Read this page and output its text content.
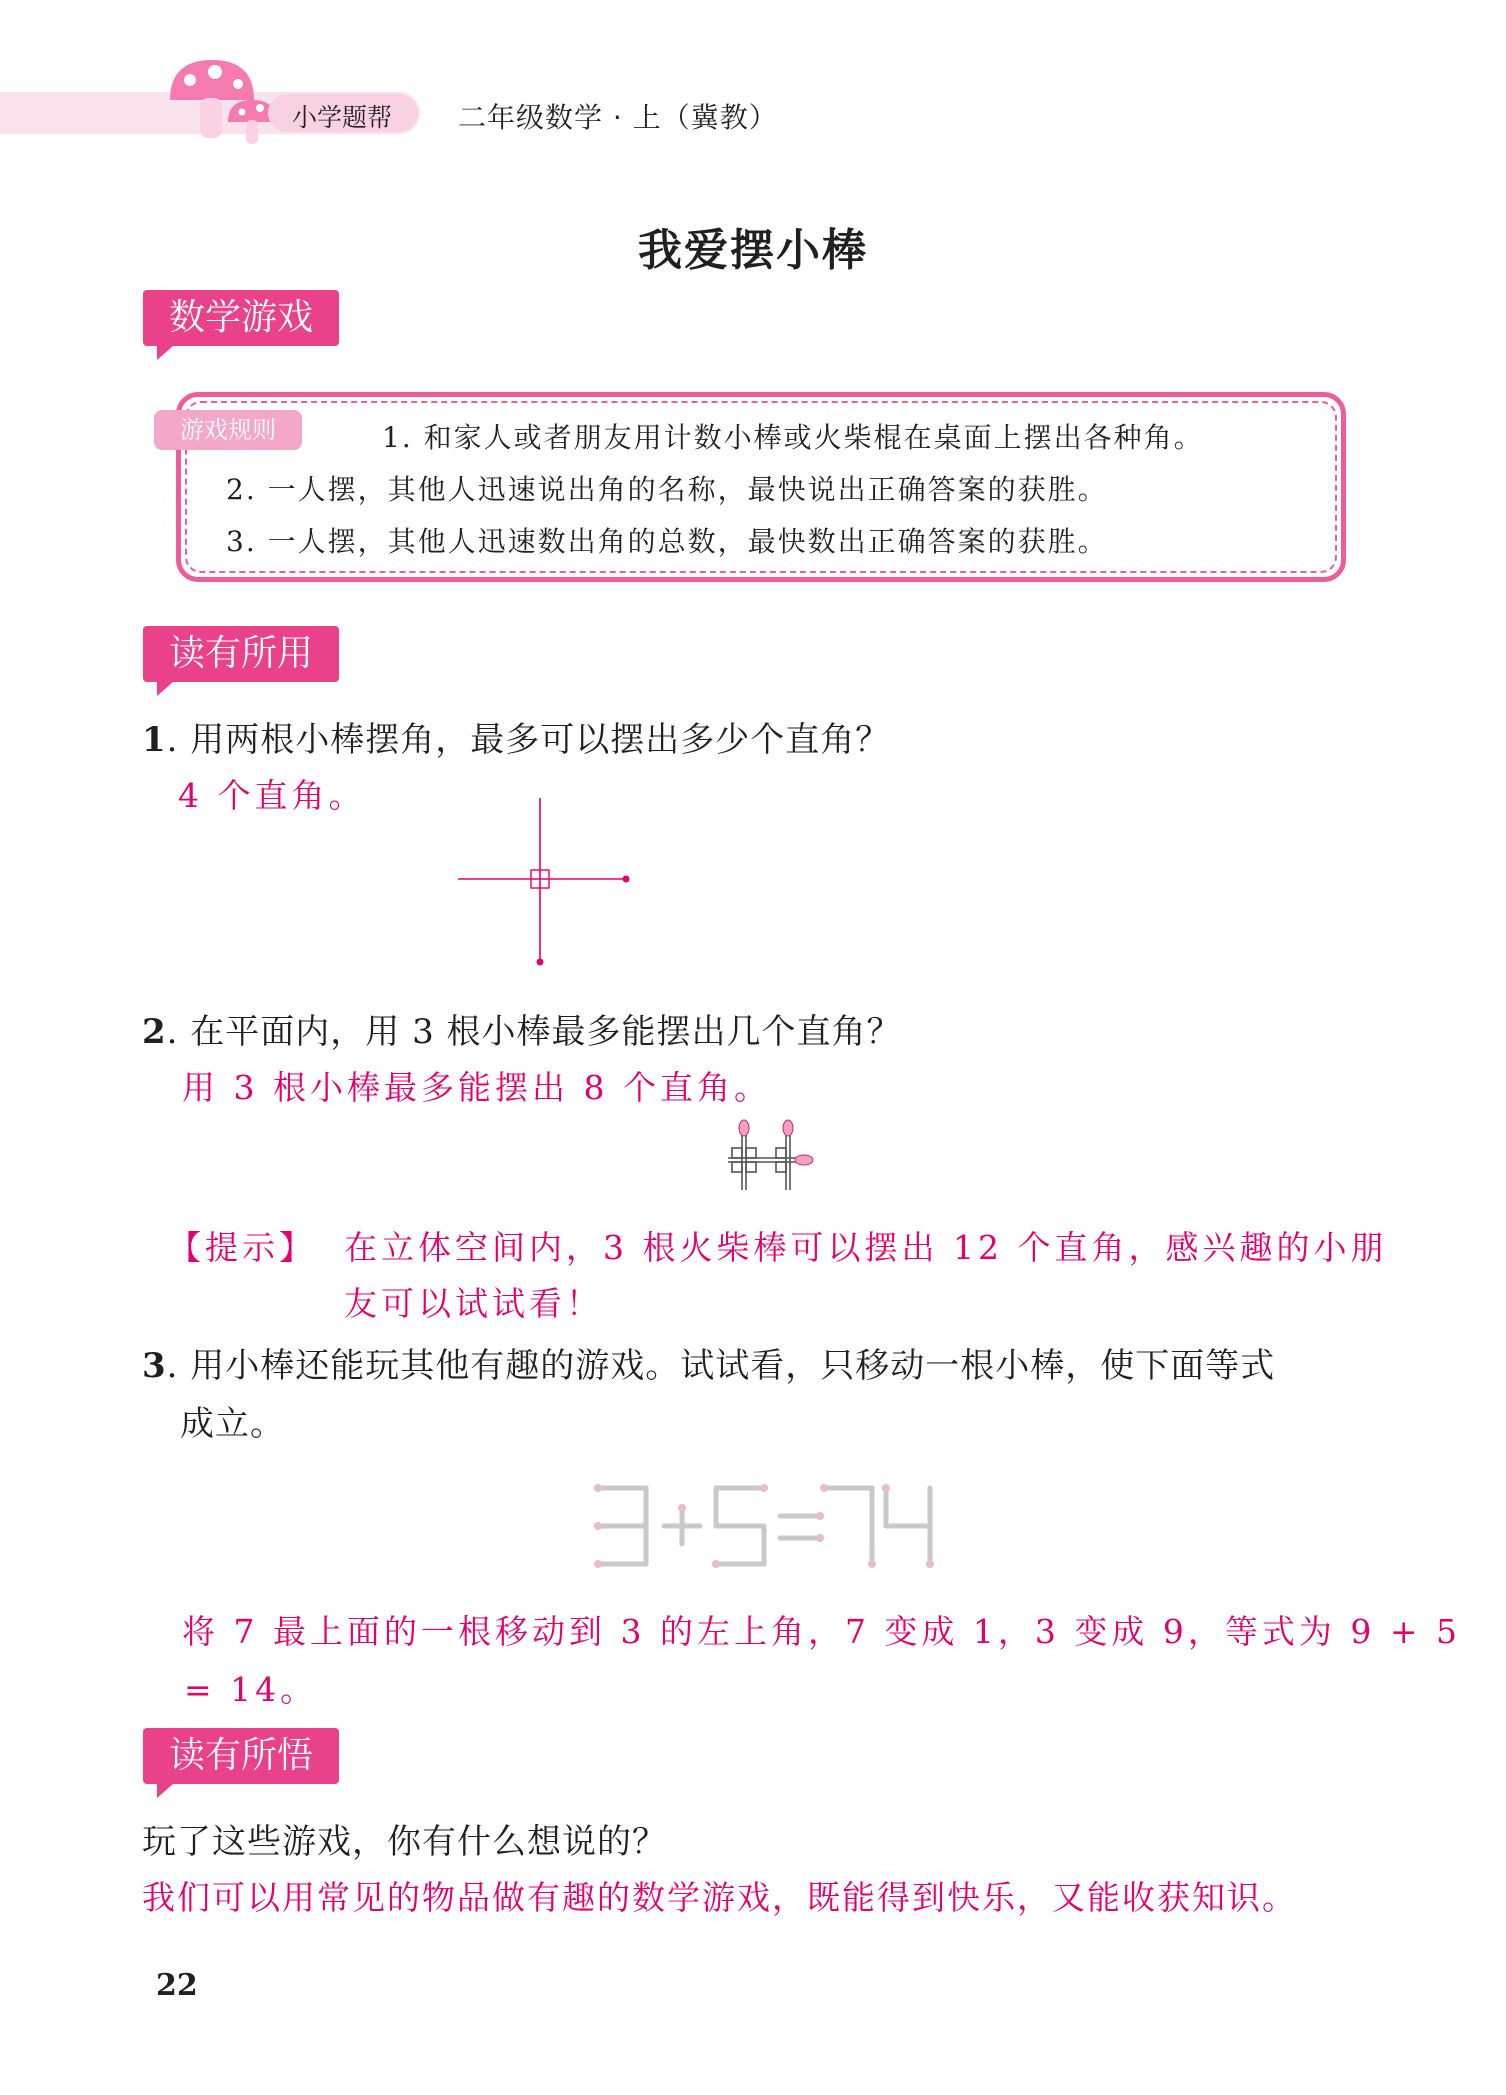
小学题帮 二年级数学 · 上（冀教）
我爱摆小棒
数学游戏
游戏规则	1. 和家人或者朋友用计数小棒或火柴棍在桌面上摆出各种角。
2. 一人摆，其他人迅速说出角的名称，最快说出正确答案的获胜。
3. 一人摆，其他人迅速数出角的总数，最快数出正确答案的获胜。
读有所用
1. 用两根小棒摆角，最多可以摆出多少个直角？
4 个直角。
2. 在平面内，用 3 根小棒最多能摆出几个直角？
用 3 根小棒最多能摆出 8 个直角。
【提示】 在立体空间内，3 根火柴棒可以摆出 12 个直角，感兴趣的小朋
友可以试试看！
3. 用小棒还能玩其他有趣的游戏。试试看，只移动一根小棒，使下面等式
成立。
将 7 最上面的一根移动到 3 的左上角，7 变成 1，3 变成 9，等式为 9 + 5
= 14。
读有所悟
玩了这些游戏，你有什么想说的？
我们可以用常见的物品做有趣的数学游戏，既能得到快乐，又能收获知识。
22
